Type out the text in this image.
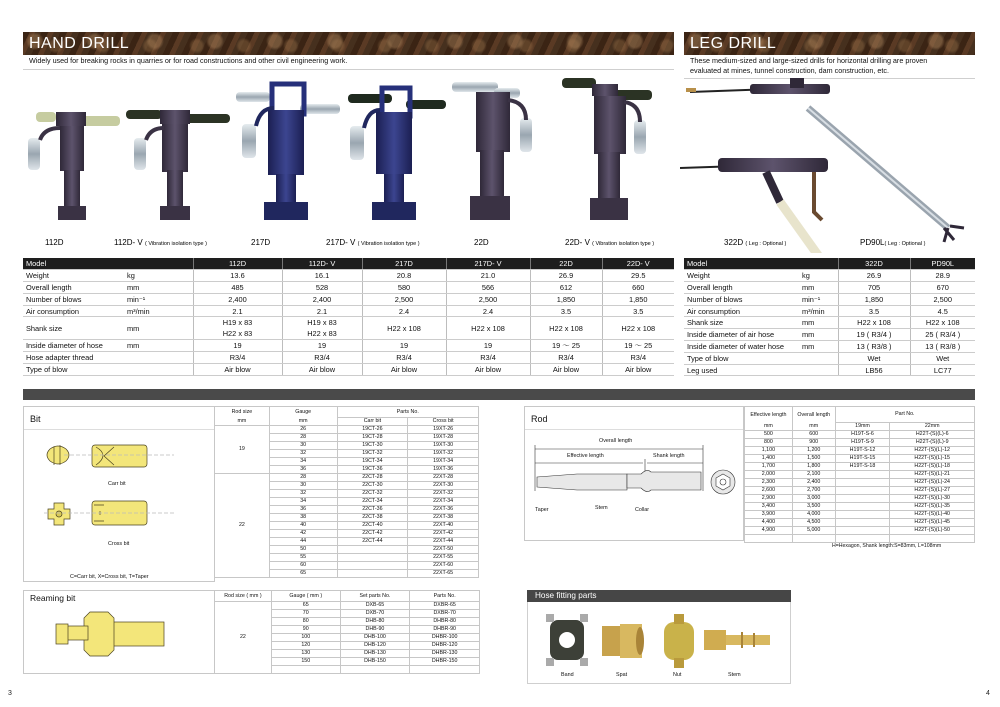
HAND DRILL
Widely used for breaking rocks in quarries or for road constructions and other civil engineering work.
LEG DRILL
These medium-sized and large-sized drills for horizontal drilling are proven
evaluated at mines, tunnel construction, dam construction, etc.
112D	112D- V ( Vibration isolation type )	217D	217D- V ( Vibration isolation type )	22D	22D- V ( Vibration isolation type )	322D ( Leg : Optional )	PD90L( Leg : Optional )
Model		112D	112D- V	217D	217D- V	22D	22D- V
Weight	kg	13.6	16.1	20.8	21.0	26.9	29.5
Overall length	mm	485	528	580	566	612	660
Number of blows	min⁻¹	2,400	2,400	2,500	2,500	1,850	1,850
Air consumption	m³/min	2.1	2.1	2.4	2.4	3.5	3.5
Shank size	mm	H19 x 83
H22 x 83	H19 x 83
H22 x 83	H22 x 108	H22 x 108	H22 x 108	H22 x 108
Inside diameter of hose	mm	19	19	19	19	19 ～ 25	19 ～ 25
Hose adapter thread		R3/4	R3/4	R3/4	R3/4	R3/4	R3/4
Type of blow		Air blow	Air blow	Air blow	Air blow	Air blow	Air blow
Model		322D	PD90L
Weight	kg	26.9	28.9
Overall length	mm	705	670
Number of blows	min⁻¹	1,850	2,500
Air consumption	m³/min	3.5	4.5
Shank size	mm	H22 x 108	H22 x 108
Inside diameter of air hose	mm	19 ( R3/4 )	25 ( R3/4 )
Inside diameter of water hose	mm	13 ( R3/8 )	13 ( R3/8 )
Type of blow		Wet	Wet
Leg used		LB56	LC77
Bit
Carr bit
Cross bit
C=Carr bit, X=Cross bit, T=Taper
Rod size	Gauge	Parts No.	
mm	mm	Carr bit	Cross bit
19	26	19CT-26	19XT-26
	28	19CT-28	19XT-28
	30	19CT-30	19XT-30
	32	19CT-32	19XT-32
	34	19CT-34	19XT-34
	36	19CT-36	19XT-36
22	28	22CT-28	22XT-28
	30	22CT-30	22XT-30
	32	22CT-32	22XT-32
	34	22CT-34	22XT-34
	36	22CT-36	22XT-36
	38	22CT-38	22XT-38
	40	22CT-40	22XT-40
	42	22CT-42	22XT-42
	44	22CT-44	22XT-44
	50		22XT-50
	55		22XT-55
	60		22XT-60
	65		22XT-65
Rod
Overall length
Effective length	Shank length
Taper	Stem	Collar
Effective length	Overall length	Part No.	
mm	mm	19mm	22mm
500	600	H19T-S-6	H22T-(S)(L)-6
800	900	H19T-S-9	H22T-(S)(L)-9
1,100	1,200	H19T-S-12	H22T-(S)(L)-12
1,400	1,500	H19T-S-15	H22T-(S)(L)-15
1,700	1,800	H19T-S-18	H22T-(S)(L)-18
2,000	2,100		H22T-(S)(L)-21
2,300	2,400		H22T-(S)(L)-24
2,600	2,700		H22T-(S)(L)-27
2,900	3,000		H22T-(S)(L)-30
3,400	3,500		H22T-(S)(L)-35
3,900	4,000		H22T-(S)(L)-40
4,400	4,500		H22T-(S)(L)-45
4,900	5,000		H22T-(S)(L)-50

H=Hexagon, Shank length:S=83mm, L=108mm
Reaming bit	Rod size ( mm )	Gauge ( mm )	Set parts No.	Parts No.
22	65	DXB-65	DXBR-65
	70	DXB-70	DXBR-70
	80	DHB-80	DHBR-80
	90	DHB-90	DHBR-90
	100	DHB-100	DHBR-100
	120	DHB-120	DHBR-120
	130	DHB-130	DHBR-130
	150	DHB-150	DHBR-150

Hose fitting parts
Band	Spat	Nut	Stem
3	4
